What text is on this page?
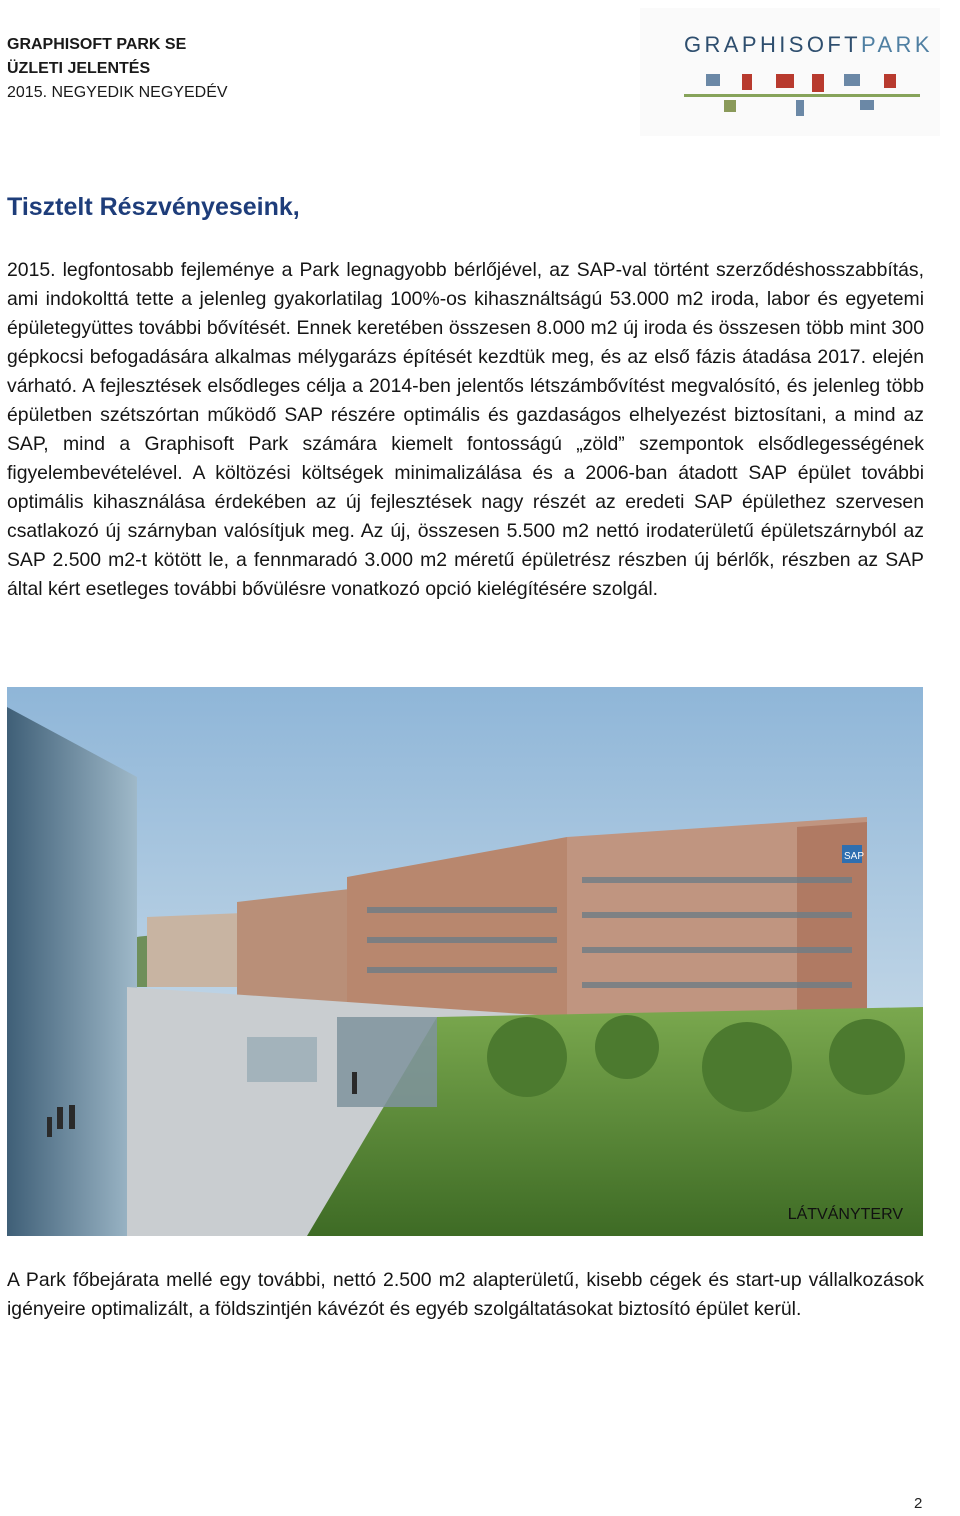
GRAPHISOFT PARK SE
ÜZLETI JELENTÉS
2015. NEGYEDIK NEGYEDÉV
GRAPHISOFTPARK
Tisztelt Részvényeseink,

2015. legfontosabb fejleménye a Park legnagyobb bérlőjével, az SAP-val történt szerződéshosszabbítás, ami indokolttá tette a jelenleg gyakorlatilag 100%-os kihasználtságú 53.000 m2 iroda, labor és egyetemi épületegyüttes további bővítését. Ennek keretében összesen 8.000 m2 új iroda és összesen több mint 300 gépkocsi befogadására alkalmas mélygarázs építését kezdtük meg, és az első fázis átadása 2017. elején várható. A fejlesztések elsődleges célja a 2014-ben jelentős létszámbővítést megvalósító, és jelenleg több épületben szétszórtan működő SAP részére optimális és gazdaságos elhelyezést biztosítani, a mind az SAP, mind a Graphisoft Park számára kiemelt fontosságú „zöld” szempontok elsődlegességének figyelembevételével. A költözési költségek minimalizálása és a 2006-ban átadott SAP épület további optimális kihasználása érdekében az új fejlesztések nagy részét az eredeti SAP épülethez szervesen csatlakozó új szárnyban valósítjuk meg. Az új, összesen 5.500 m2 nettó irodaterületű épületszárnyból az SAP 2.500 m2-t kötött le, a fennmaradó 3.000 m2 méretű épületrész részben új bérlők, részben az SAP által kért esetleges további bővülésre vonatkozó opció kielégítésére szolgál.

SAP
LÁTVÁNYTERV

A Park főbejárata mellé egy további, nettó 2.500 m2 alapterületű, kisebb cégek és start-up vállalkozások igényeire optimalizált, a földszintjén kávézót és egyéb szolgáltatásokat biztosító épület kerül.

2
